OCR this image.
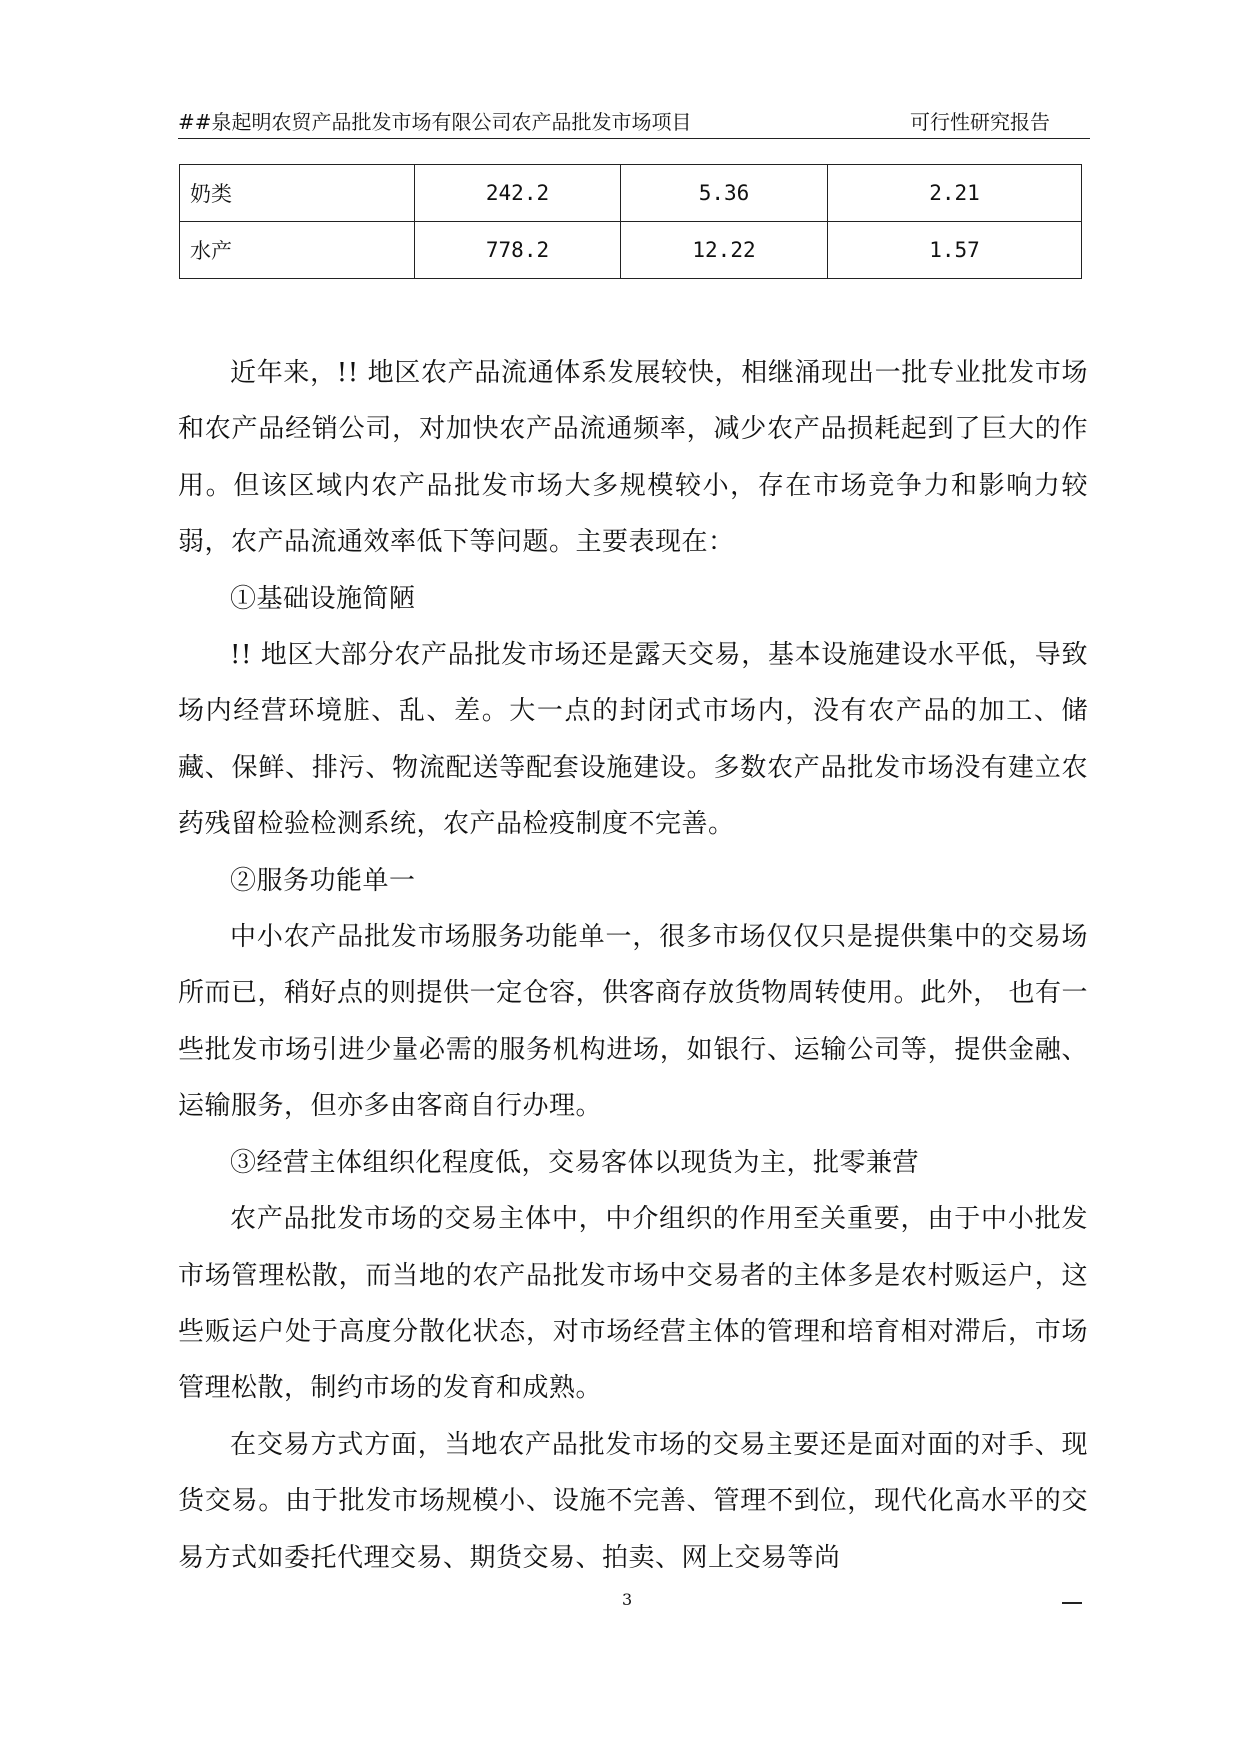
##泉起明农贸产品批发市场有限公司农产品批发市场项目	可行性研究报告
奶类	242.2	5.36	2.21
水产	778.2	12.22	1.57

近年来，!! 地区农产品流通体系发展较快，相继涌现出一批专业批发市场和农产品经销公司，对加快农产品流通频率，减少农产品损耗起到了巨大的作用。但该区域内农产品批发市场大多规模较小，存在市场竞争力和影响力较弱，农产品流通效率低下等问题。主要表现在：

①基础设施简陋

!! 地区大部分农产品批发市场还是露天交易，基本设施建设水平低，导致场内经营环境脏、乱、差。大一点的封闭式市场内，没有农产品的加工、储藏、保鲜、排污、物流配送等配套设施建设。多数农产品批发市场没有建立农药残留检验检测系统，农产品检疫制度不完善。

②服务功能单一

中小农产品批发市场服务功能单一，很多市场仅仅只是提供集中的交易场所而已，稍好点的则提供一定仓容，供客商存放货物周转使用。此外， 也有一些批发市场引进少量必需的服务机构进场，如银行、运输公司等，提供金融、运输服务，但亦多由客商自行办理。

③经营主体组织化程度低，交易客体以现货为主，批零兼营

农产品批发市场的交易主体中，中介组织的作用至关重要，由于中小批发市场管理松散，而当地的农产品批发市场中交易者的主体多是农村贩运户，这些贩运户处于高度分散化状态，对市场经营主体的管理和培育相对滞后，市场管理松散，制约市场的发育和成熟。

在交易方式方面，当地农产品批发市场的交易主要还是面对面的对手、现货交易。由于批发市场规模小、设施不完善、管理不到位，现代化高水平的交易方式如委托代理交易、期货交易、拍卖、网上交易等尚

3
